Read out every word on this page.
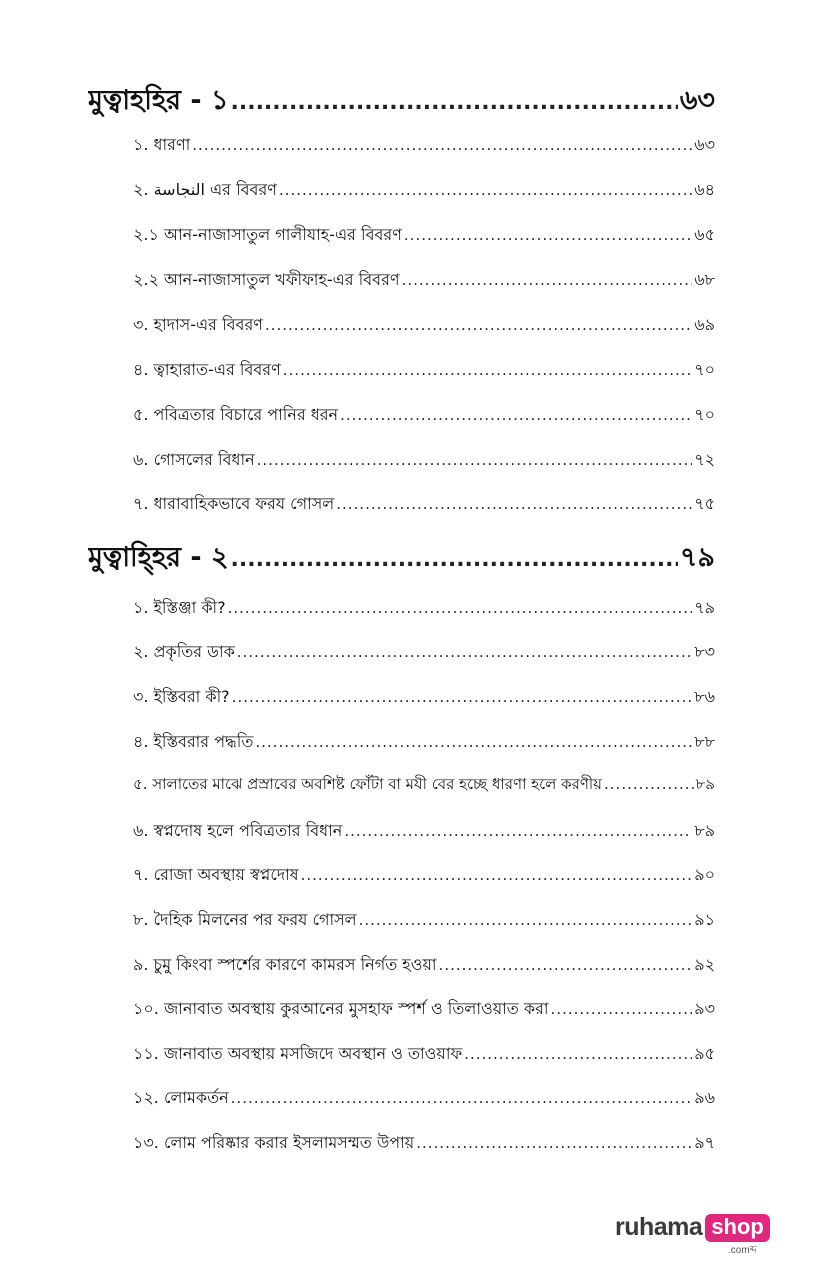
মুত্বাহহির - ১ .....	৬৩
১. ধারণা .....	৬৩
২. النجاسة এর বিবরণ .....	৬৪
২.১ আন-নাজাসাতুল গালীযাহ-এর বিবরণ .....	৬৫
২.২ আন-নাজাসাতুল খফীফাহ-এর বিবরণ .....	৬৮
৩. হাদাস-এর বিবরণ .....	৬৯
৪. ত্বাহারাত-এর বিবরণ .....	৭০
৫. পবিত্রতার বিচারে পানির ধরন .....	৭০
৬. গোসলের বিধান .....	৭২
৭. ধারাবাহিকভাবে ফরয গোসল .....	৭৫
মুত্বাহ্হির - ২ .....	৭৯
১. ইস্তিঞ্জা কী? .....	৭৯
২. প্রকৃতির ডাক .....	৮৩
৩. ইস্তিবরা কী? .....	৮৬
৪. ইস্তিবরার পদ্ধতি .....	৮৮
৫. সালাতের মাঝে প্রস্রাবের অবশিষ্ট ফোঁটা বা মযী বের হচ্ছে ধারণা হলে করণীয় .....	৮৯
৬. স্বপ্নদোষ হলে পবিত্রতার বিধান .....	৮৯
৭. রোজা অবস্থায় স্বপ্নদোষ .....	৯০
৮. দৈহিক মিলনের পর ফরয গোসল .....	৯১
৯. চুমু কিংবা স্পর্শের কারণে কামরস নির্গত হওয়া .....	৯২
১০. জানাবাত অবস্থায় কুরআনের মুসহাফ স্পর্শ ও তিলাওয়াত করা .....	৯৩
১১. জানাবাত অবস্থায় মসজিদে অবস্থান ও তাওয়াফ .....	৯৫
১২. লোমকর্তন .....	৯৬
১৩. লোম পরিষ্কার করার ইসলামসম্মত উপায় .....	৯৭
ruhama shop
.comব্দ
